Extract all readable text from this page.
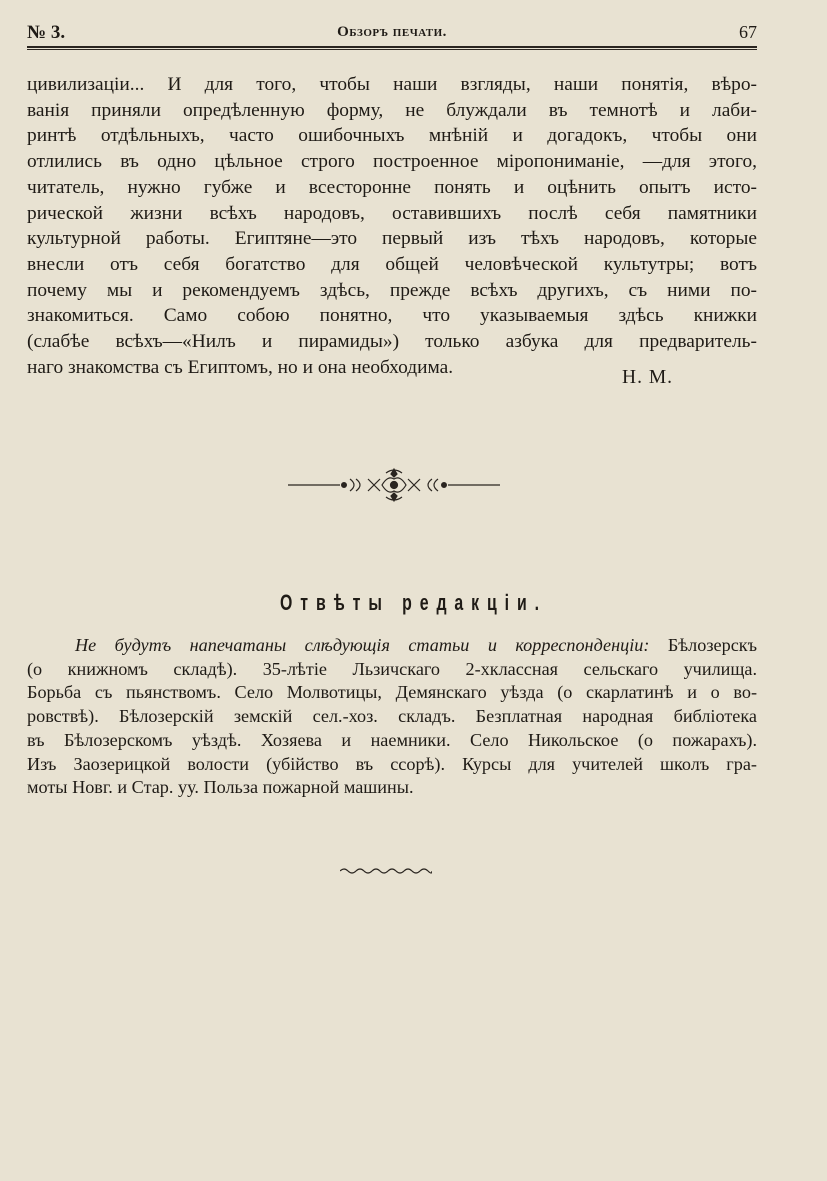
№ 3.	Обзоръ печати.	67
цивилизаціи... И для того, чтобы наши взгляды, наши понятія, вѣро-
ванія приняли опредѣленную форму, не блуждали въ темнотѣ и лаби-
ринтѣ отдѣльныхъ, часто ошибочныхъ мнѣній и догадокъ, чтобы они
отлились въ одно цѣльное строго построенное міропониманіе, —для этого,
читатель, нужно губже и всесторонне понять и оцѣнить опытъ исто-
рической жизни всѣхъ народовъ, оставившихъ послѣ себя памятники
культурной работы. Египтяне—это первый изъ тѣхъ народовъ, которые
внесли отъ себя богатство для общей человѣческой культутры; вотъ
почему мы и рекомендуемъ здѣсь, прежде всѣхъ другихъ, съ ними по-
знакомиться. Само собою понятно, что указываемыя здѣсь книжки
(слабѣе всѣхъ—«Нилъ и пирамиды») только азбука для предваритель-
наго знакомства съ Египтомъ, но и она необходима.	Н. М.
Отвѣты редакціи.
Не будутъ напечатаны слѣдующія статьи и корреспонденціи: Бѣлозерскъ
(о книжномъ складѣ). 35-лѣтіе Льзичскаго 2-хклассная сельскаго училища.
Борьба съ пьянствомъ. Село Молвотицы, Демянскаго уѣзда (о скарлатинѣ и о во-
ровствѣ). Бѣлозерскій земскій сел.-хоз. складъ. Безплатная народная библіотека
въ Бѣлозерскомъ уѣздѣ. Хозяева и наемники. Село Никольское (о пожарахъ).
Изъ Заозерицкой волости (убійство въ ссорѣ). Курсы для учителей школъ гра-
моты Новг. и Стар. уу. Польза пожарной машины.
